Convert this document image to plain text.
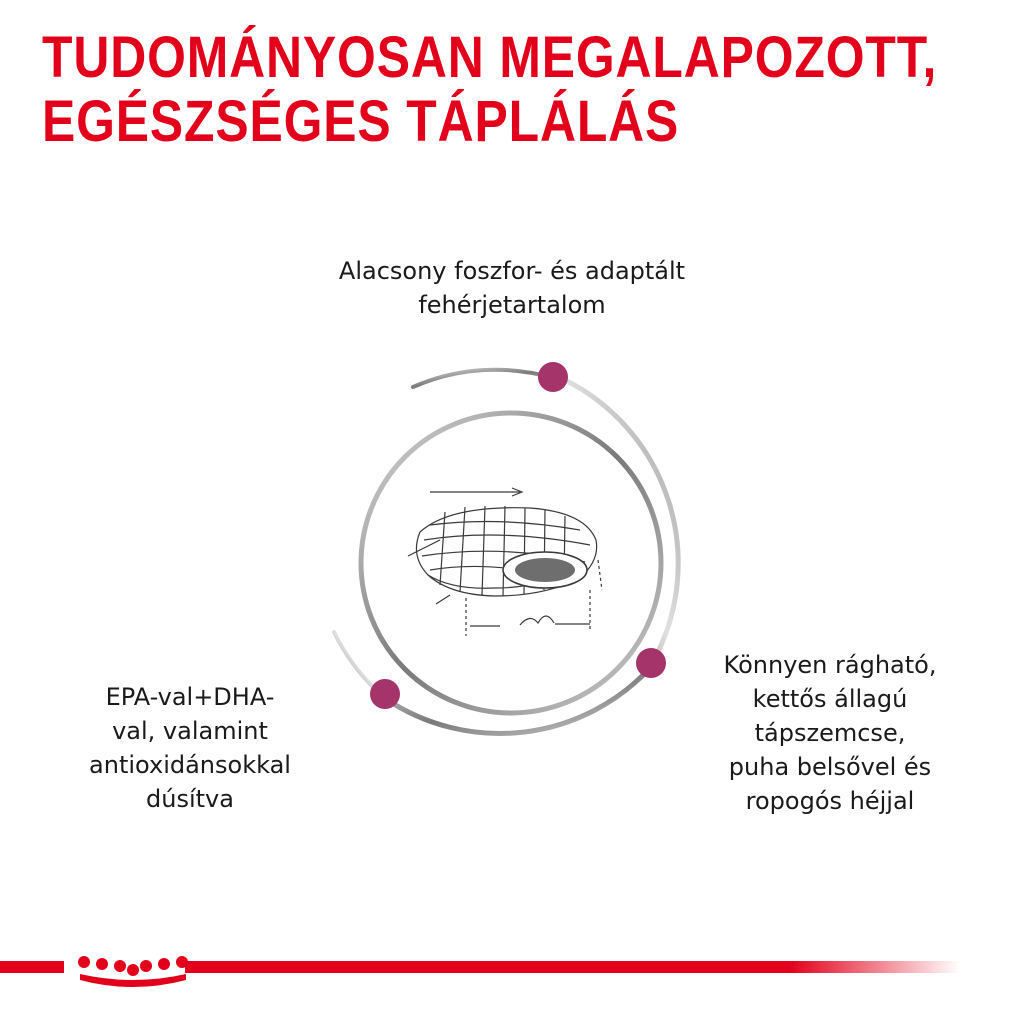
TUDOMÁNYOSAN MEGALAPOZOTT,
EGÉSZSÉGES TÁPLÁLÁS
Alacsony foszfor- és adaptált
fehérjetartalom
EPA-val+DHA-
val, valamint
antioxidánsokkal
dúsítva
Könnyen rágható,
kettős állagú
tápszemcse,
puha belsővel és
ropogós héjjal
